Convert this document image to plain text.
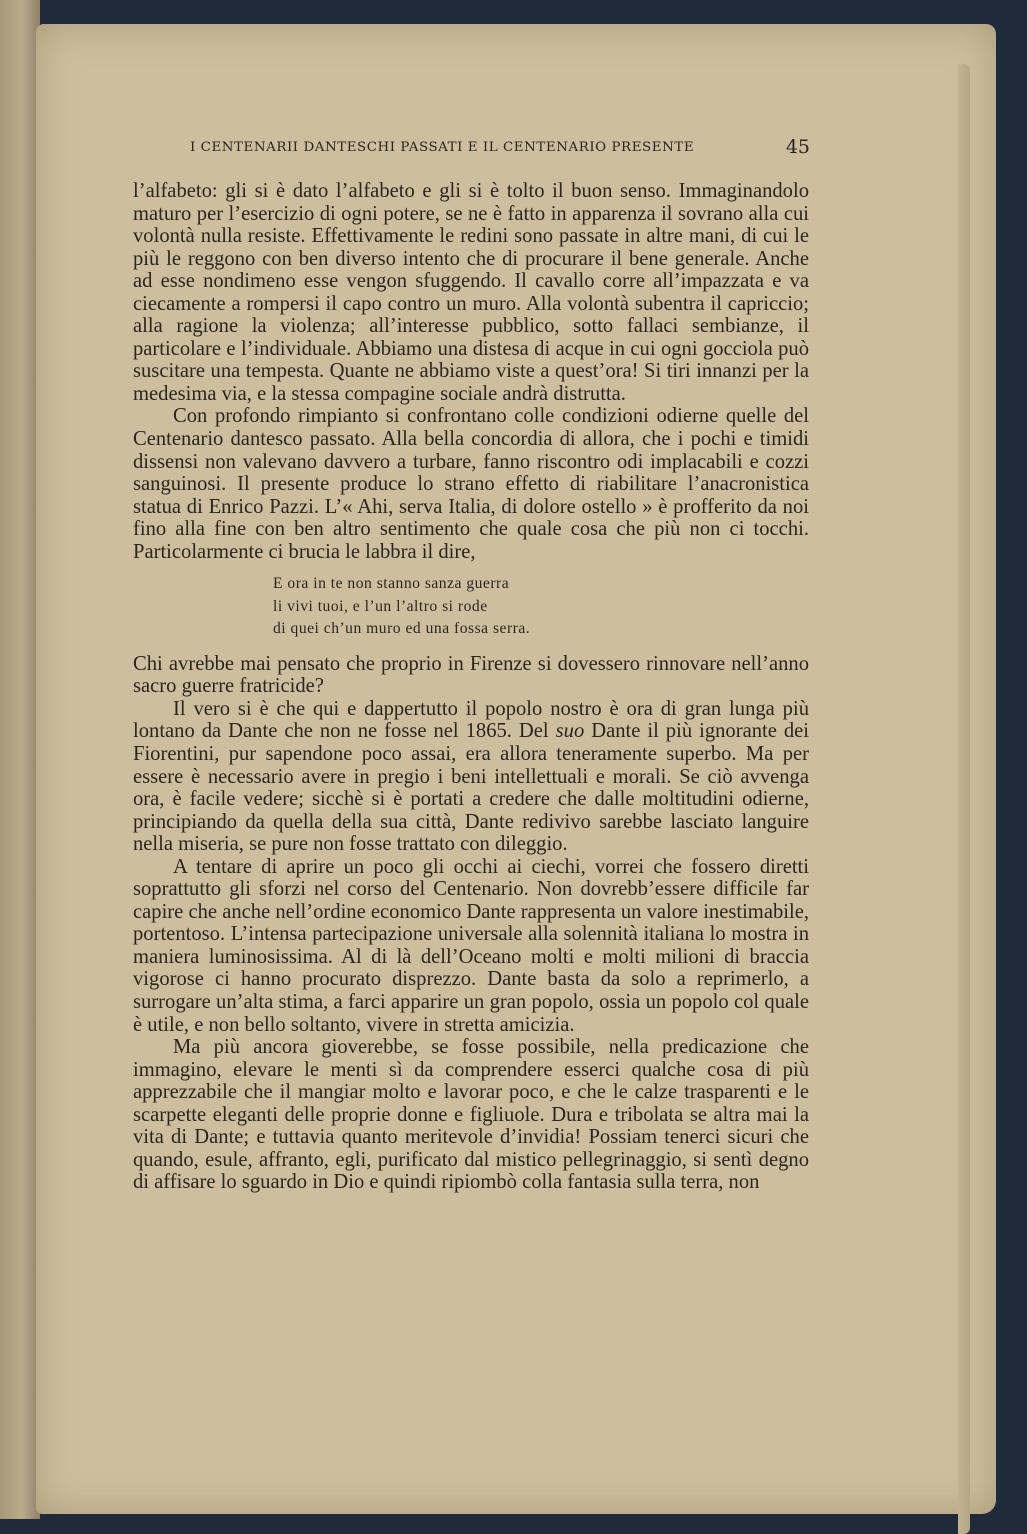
I CENTENARII DANTESCHI PASSATI E IL CENTENARIO PRESENTE	45

l’alfabeto: gli si è dato l’alfabeto e gli si è tolto il buon senso. Immaginandolo maturo per l’esercizio di ogni potere, se ne è fatto in apparenza il sovrano alla cui volontà nulla resiste. Effettivamente le redini sono passate in altre mani, di cui le più le reggono con ben diverso intento che di procurare il bene generale. Anche ad esse nondimeno esse vengon sfuggendo. Il cavallo corre all’impazzata e va ciecamente a rompersi il capo contro un muro. Alla volontà subentra il capriccio; alla ragione la violenza; all’interesse pubblico, sotto fallaci sembianze, il particolare e l’individuale. Abbiamo una distesa di acque in cui ogni gocciola può suscitare una tempesta. Quante ne abbiamo viste a quest’ora! Si tiri innanzi per la medesima via, e la stessa compagine sociale andrà distrutta.

Con profondo rimpianto si confrontano colle condizioni odierne quelle del Centenario dantesco passato. Alla bella concordia di allora, che i pochi e timidi dissensi non valevano davvero a turbare, fanno riscontro odi implacabili e cozzi sanguinosi. Il presente produce lo strano effetto di riabilitare l’anacronistica statua di Enrico Pazzi. L’« Ahi, serva Italia, di dolore ostello » è profferito da noi fino alla fine con ben altro sentimento che quale cosa che più non ci tocchi. Particolarmente ci brucia le labbra il dire,

E ora in te non stanno sanza guerra
li vivi tuoi, e l’un l’altro si rode
di quei ch’un muro ed una fossa serra.

Chi avrebbe mai pensato che proprio in Firenze si dovessero rinnovare nell’anno sacro guerre fratricide?

Il vero si è che qui e dappertutto il popolo nostro è ora di gran lunga più lontano da Dante che non ne fosse nel 1865. Del suo Dante il più ignorante dei Fiorentini, pur sapendone poco assai, era allora teneramente superbo. Ma per essere è necessario avere in pregio i beni intellettuali e morali. Se ciò avvenga ora, è facile vedere; sicchè si è portati a credere che dalle moltitudini odierne, principiando da quella della sua città, Dante redivivo sarebbe lasciato languire nella miseria, se pure non fosse trattato con dileggio.

A tentare di aprire un poco gli occhi ai ciechi, vorrei che fossero diretti soprattutto gli sforzi nel corso del Centenario. Non dovrebb’essere difficile far capire che anche nell’ordine economico Dante rappresenta un valore inestimabile, portentoso. L’intensa partecipazione universale alla solennità italiana lo mostra in maniera luminosissima. Al di là dell’Oceano molti e molti milioni di braccia vigorose ci hanno procurato disprezzo. Dante basta da solo a reprimerlo, a surrogare un’alta stima, a farci apparire un gran popolo, ossia un popolo col quale è utile, e non bello soltanto, vivere in stretta amicizia.

Ma più ancora gioverebbe, se fosse possibile, nella predicazione che immagino, elevare le menti sì da comprendere esserci qualche cosa di più apprezzabile che il mangiar molto e lavorar poco, e che le calze trasparenti e le scarpette eleganti delle proprie donne e figliuole. Dura e tribolata se altra mai la vita di Dante; e tuttavia quanto meritevole d’invidia! Possiam tenerci sicuri che quando, esule, affranto, egli, purificato dal mistico pellegrinaggio, si sentì degno di affisare lo sguardo in Dio e quindi ripiombò colla fantasia sulla terra, non
